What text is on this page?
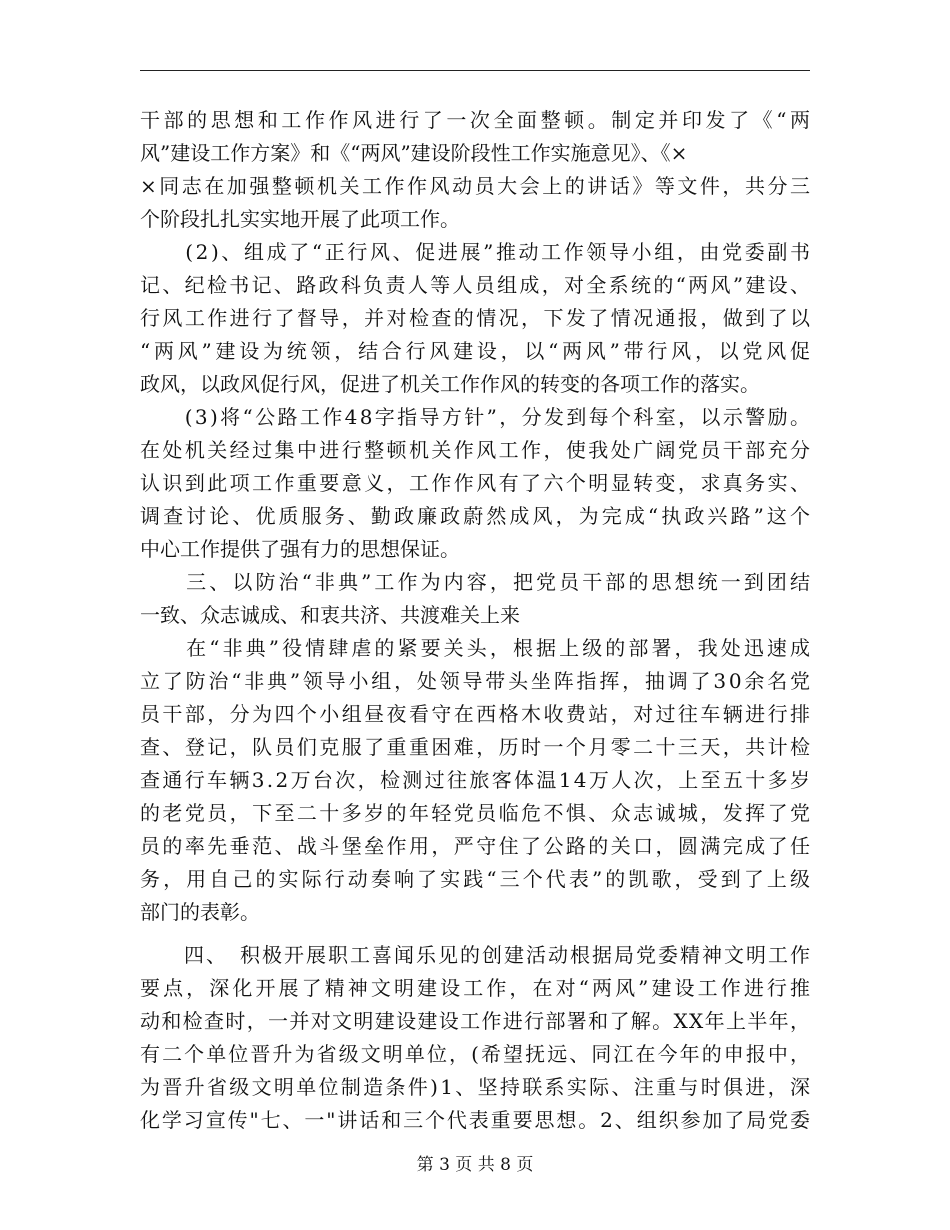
干部的思想和工作作风进行了一次全面整顿。制定并印发了《“两
风”建设工作方案》和《“两风”建设阶段性工作实施意见》、《×
×同志在加强整顿机关工作作风动员大会上的讲话》等文件，共分三
个阶段扎扎实实地开展了此项工作。
　　(2)、组成了“正行风、促进展”推动工作领导小组，由党委副书
记、纪检书记、路政科负责人等人员组成，对全系统的“两风”建设、
行风工作进行了督导，并对检查的情况，下发了情况通报，做到了以
“两风”建设为统领，结合行风建设，以“两风”带行风，以党风促
政风，以政风促行风，促进了机关工作作风的转变的各项工作的落实。
　　(3)将“公路工作48字指导方针”，分发到每个科室，以示警励。
在处机关经过集中进行整顿机关作风工作，使我处广阔党员干部充分
认识到此项工作重要意义，工作作风有了六个明显转变，求真务实、
调查讨论、优质服务、勤政廉政蔚然成风，为完成“执政兴路”这个
中心工作提供了强有力的思想保证。
　　三、以防治“非典”工作为内容，把党员干部的思想统一到团结
一致、众志诚成、和衷共济、共渡难关上来
　　在“非典”役情肆虐的紧要关头，根据上级的部署，我处迅速成
立了防治“非典”领导小组，处领导带头坐阵指挥，抽调了30余名党
员干部，分为四个小组昼夜看守在西格木收费站，对过往车辆进行排
查、登记，队员们克服了重重困难，历时一个月零二十三天，共计检
查通行车辆3.2万台次，检测过往旅客体温14万人次，上至五十多岁
的老党员，下至二十多岁的年轻党员临危不惧、众志诚城，发挥了党
员的率先垂范、战斗堡垒作用，严守住了公路的关口，圆满完成了任
务，用自己的实际行动奏响了实践“三个代表”的凯歌，受到了上级
部门的表彰。
　　四、　积极开展职工喜闻乐见的创建活动根据局党委精神文明工作
要点，深化开展了精神文明建设工作，在对“两风”建设工作进行推
动和检查时，一并对文明建设建设工作进行部署和了解。XX年上半年，
有二个单位晋升为省级文明单位，(希望抚远、同江在今年的申报中，
为晋升省级文明单位制造条件)1、坚持联系实际、注重与时俱进，深
化学习宣传"七、一"讲话和三个代表重要思想。2、组织参加了局党委
第 3 页 共 8 页
